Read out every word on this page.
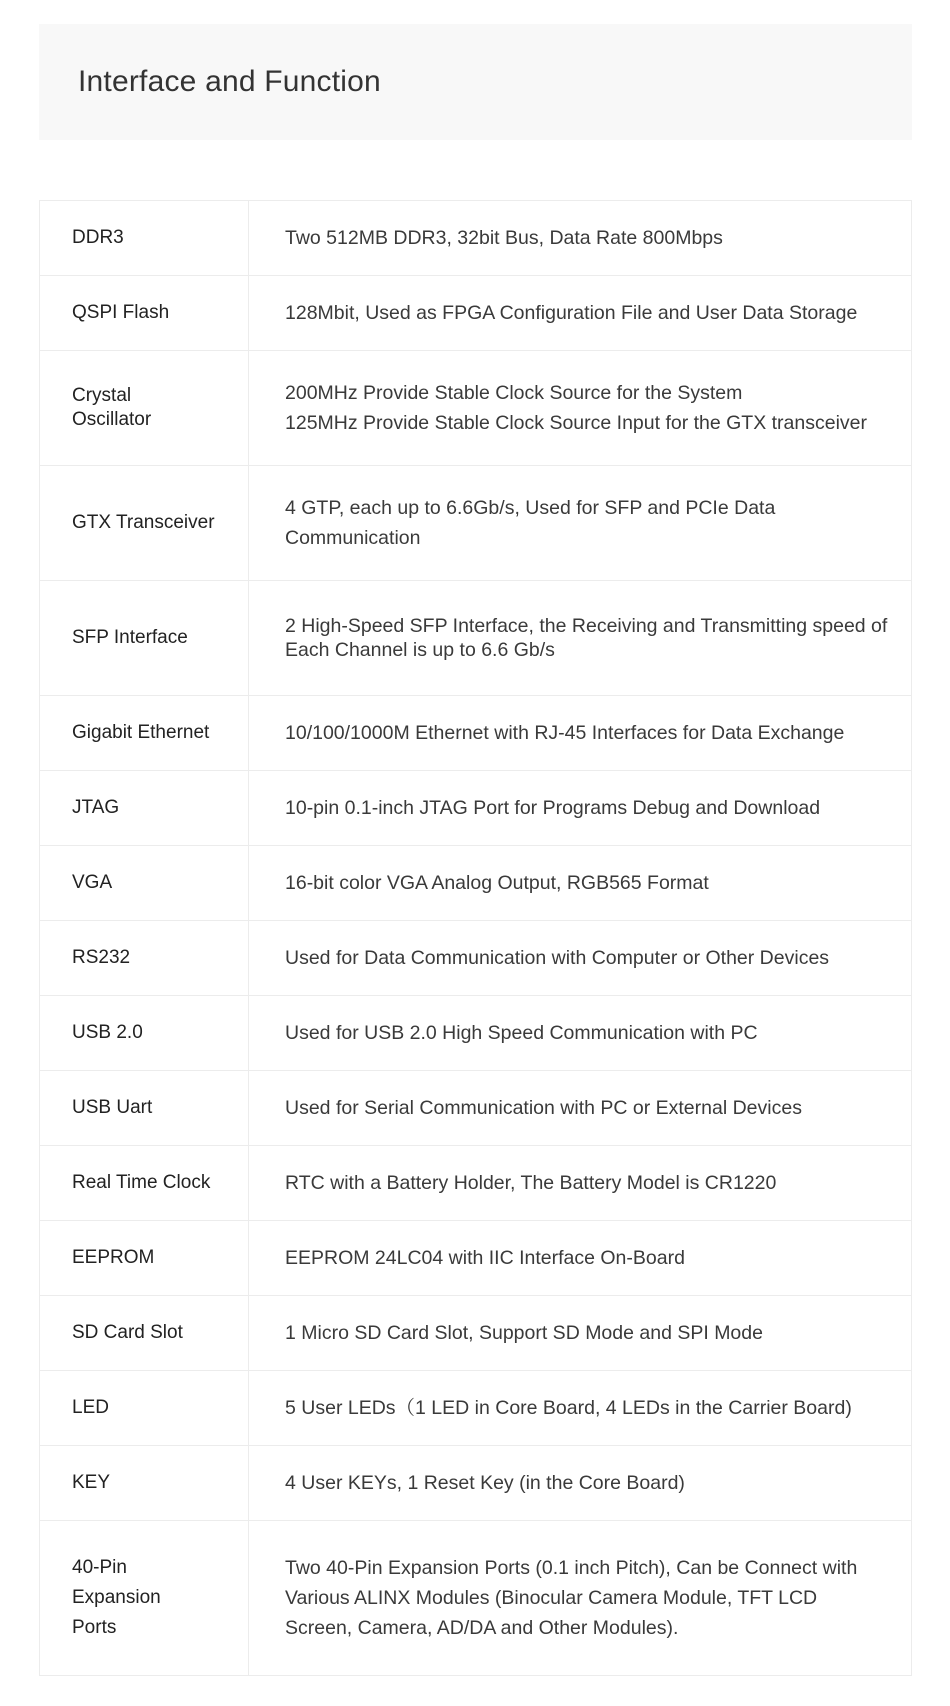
Interface and Function
DDR3	Two 512MB DDR3, 32bit Bus, Data Rate 800Mbps

QSPI Flash	128Mbit, Used as FPGA Configuration File and User Data Storage

Crystal Oscillator	200MHz Provide Stable Clock Source for the System
125MHz Provide Stable Clock Source Input for the GTX transceiver

GTX Transceiver	4 GTP, each up to 6.6Gb/s, Used for SFP and PCIe Data Communication

SFP Interface	2 High-Speed SFP Interface, the Receiving and Transmitting speed of Each Channel is up to 6.6 Gb/s

Gigabit Ethernet	10/100/1000M Ethernet with RJ-45 Interfaces for Data Exchange

JTAG	10-pin 0.1-inch JTAG Port for Programs Debug and Download

VGA	16-bit color VGA Analog Output, RGB565 Format

RS232	Used for Data Communication with Computer or Other Devices

USB 2.0	Used for USB 2.0 High Speed Communication with PC

USB Uart	Used for Serial Communication with PC or External Devices

Real Time Clock	RTC with a Battery Holder, The Battery Model is CR1220

EEPROM	EEPROM 24LC04 with IIC Interface On-Board

SD Card Slot	1 Micro SD Card Slot, Support SD Mode and SPI Mode

LED	5 User LEDs（1 LED in Core Board, 4 LEDs in the Carrier Board)

KEY	4 User KEYs, 1 Reset Key (in the Core Board)

40-Pin Expansion Ports	Two 40-Pin Expansion Ports (0.1 inch Pitch), Can be Connect with Various ALINX Modules (Binocular Camera Module, TFT LCD Screen, Camera, AD/DA and Other Modules).
